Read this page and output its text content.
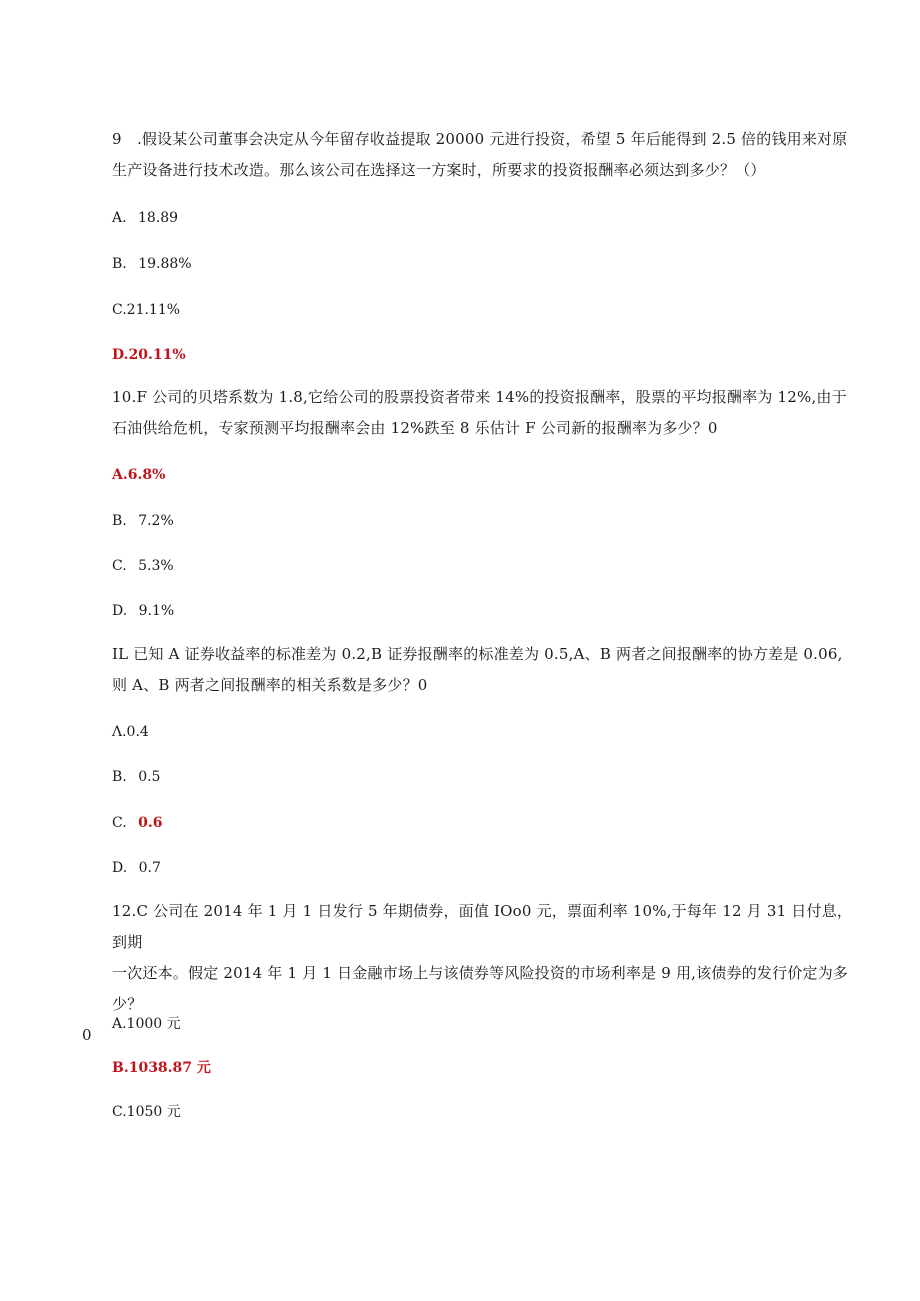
9　.假设某公司董事会决定从今年留存收益提取 20000 元进行投资，希望 5 年后能得到 2.5 倍的钱用来对原

生产设备进行技术改造。那么该公司在选择这一方案时，所要求的投资报酬率必须达到多少？（）

A.  18.89
B.  19.88%
C.21.11%
D.20.11%

10.F 公司的贝塔系数为 1.8,它给公司的股票投资者带来 14%的投资报酬率，股票的平均报酬率为 12%,由于

石油供给危机，专家预测平均报酬率会由 12%跌至 8 乐估计 F 公司新的报酬率为多少？0

A.6.8%
B.  7.2%
C.  5.3%
D.  9.1%

IL 已知 A 证券收益率的标准差为 0.2,B 证券报酬率的标准差为 0.5,A、B 两者之间报酬率的协方差是 0.06,

则 A、B 两者之间报酬率的相关系数是多少？0

Λ.0.4
B.  0.5
C.  0.6
D.  0.7

12.C 公司在 2014 年 1 月 1 日发行 5 年期债券，面值 IOo0 元，票面利率 10%,于每年 12 月 31 日付息，到期

一次还本。假定 2014 年 1 月 1 日金融市场上与该债券等风险投资的市场利率是 9 用,该债券的发行价定为多少？

0

A.1000 元
B.1038.87 元
C.1050 元
